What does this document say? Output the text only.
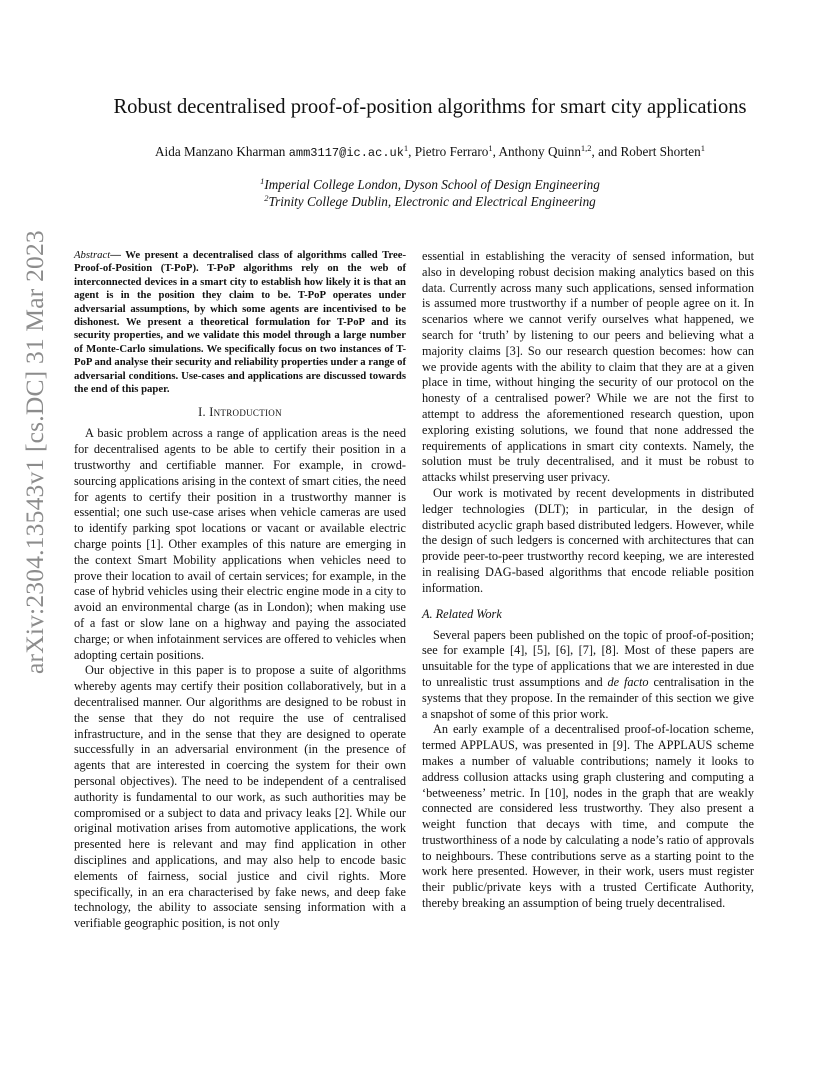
arXiv:2304.13543v1 [cs.DC] 31 Mar 2023
Robust decentralised proof-of-position algorithms for smart city applications
Aida Manzano Kharman $amm3117@ic.ac.uk^1$, Pietro Ferraro$^1$, Anthony Quinn$^{1,2}$, and Robert Shorten$^1$
$^1$Imperial College London, Dyson School of Design Engineering
$^2$Trinity College Dublin, Electronic and Electrical Engineering

Abstract— We present a decentralised class of algorithms called Tree-Proof-of-Position (T-PoP). T-PoP algorithms rely on the web of interconnected devices in a smart city to establish how likely it is that an agent is in the position they claim to be. T-PoP operates under adversarial assumptions, by which some agents are incentivised to be dishonest. We present a theoretical formulation for T-PoP and its security properties, and we validate this model through a large number of Monte-Carlo simulations. We specifically focus on two instances of T-PoP and analyse their security and reliability properties under a range of adversarial conditions. Use-cases and applications are discussed towards the end of this paper.

I. Introduction

A basic problem across a range of application areas is the need for decentralised agents to be able to certify their position in a trustworthy and certifiable manner. For example, in crowd-sourcing applications arising in the context of smart cities, the need for agents to certify their position in a trustworthy manner is essential; one such use-case arises when vehicle cameras are used to identify parking spot locations or vacant or available electric charge points [1]. Other examples of this nature are emerging in the context Smart Mobility applications when vehicles need to prove their location to avail of certain services; for example, in the case of hybrid vehicles using their electric engine mode in a city to avoid an environmental charge (as in London); when making use of a fast or slow lane on a highway and paying the associated charge; or when infotainment services are offered to vehicles when adopting certain positions.

Our objective in this paper is to propose a suite of algorithms whereby agents may certify their position collaboratively, but in a decentralised manner. Our algorithms are designed to be robust in the sense that they do not require the use of centralised infrastructure, and in the sense that they are designed to operate successfully in an adversarial environment (in the presence of agents that are interested in coercing the system for their own personal objectives). The need to be independent of a centralised authority is fundamental to our work, as such authorities may be compromised or a subject to data and privacy leaks [2]. While our original motivation arises from automotive applications, the work presented here is relevant and may find application in other disciplines and applications, and may also help to encode basic elements of fairness, social justice and civil rights. More specifically, in an era characterised by fake news, and deep fake technology, the ability to associate sensing information with a verifiable geographic position, is not only

essential in establishing the veracity of sensed information, but also in developing robust decision making analytics based on this data. Currently across many such applications, sensed information is assumed more trustworthy if a number of people agree on it. In scenarios where we cannot verify ourselves what happened, we search for ‘truth’ by listening to our peers and believing what a majority claims [3]. So our research question becomes: how can we provide agents with the ability to claim that they are at a given place in time, without hinging the security of our protocol on the honesty of a centralised power? While we are not the first to attempt to address the aforementioned research question, upon exploring existing solutions, we found that none addressed the requirements of applications in smart city contexts. Namely, the solution must be truly decentralised, and it must be robust to attacks whilst preserving user privacy.

Our work is motivated by recent developments in distributed ledger technologies (DLT); in particular, in the design of distributed acyclic graph based distributed ledgers. However, while the design of such ledgers is concerned with architectures that can provide peer-to-peer trustworthy record keeping, we are interested in realising DAG-based algorithms that encode reliable position information.

A. Related Work

Several papers been published on the topic of proof-of-position; see for example [4], [5], [6], [7], [8]. Most of these papers are unsuitable for the type of applications that we are interested in due to unrealistic trust assumptions and de facto centralisation in the systems that they propose. In the remainder of this section we give a snapshot of some of this prior work.

An early example of a decentralised proof-of-location scheme, termed APPLAUS, was presented in [9]. The APPLAUS scheme makes a number of valuable contributions; namely it looks to address collusion attacks using graph clustering and computing a ‘betweeness’ metric. In [10], nodes in the graph that are weakly connected are considered less trustworthy. They also present a weight function that decays with time, and compute the trustworthiness of a node by calculating a node’s ratio of approvals to neighbours. These contributions serve as a starting point to the work here presented. However, in their work, users must register their public/private keys with a trusted Certificate Authority, thereby breaking an assumption of being truely decentralised.
